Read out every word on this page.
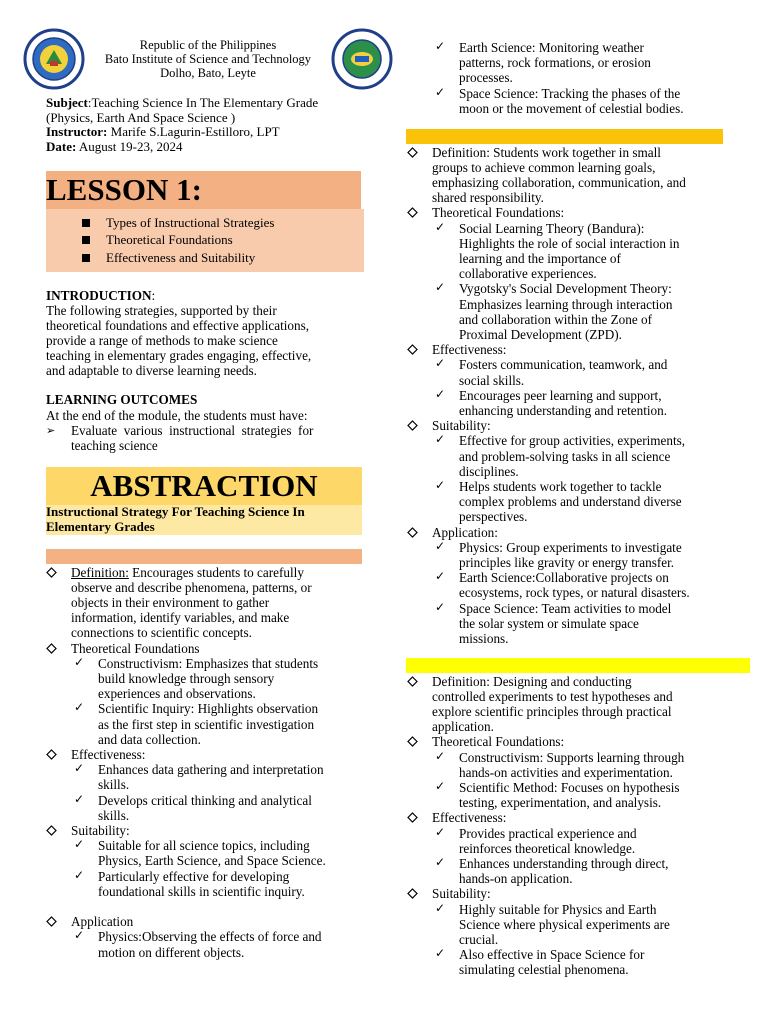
Republic of the Philippines
Bato Institute of Science and Technology
Dolho, Bato, Leyte
Subject:Teaching Science In The Elementary Grade
(Physics, Earth And Space Science )
Instructor: Marife S.Lagurin-Estilloro, LPT
Date: August 19-23, 2024
LESSON 1:
Types of Instructional Strategies
Theoretical Foundations
Effectiveness and Suitability
INTRODUCTION:
The following strategies, supported by their
theoretical foundations and effective applications,
provide a range of methods to make science
teaching in elementary grades engaging, effective,
and adaptable to diverse learning needs.
LEARNING OUTCOMES
At the end of the module, the students must have:
➢ Evaluate  various  instructional  strategies  for
teaching science
ABSTRACTION
Instructional Strategy For Teaching Science In
Elementary Grades
Definition: Encourages students to carefully
observe and describe phenomena, patterns, or
objects in their environment to gather
information, identify variables, and make
connections to scientific concepts.
Theoretical Foundations
✓ Constructivism: Emphasizes that students
build knowledge through sensory
experiences and observations.
✓ Scientific Inquiry: Highlights observation
as the first step in scientific investigation
and data collection.
Effectiveness:
✓ Enhances data gathering and interpretation
skills.
✓ Develops critical thinking and analytical
skills.
Suitability:
✓ Suitable for all science topics, including
Physics, Earth Science, and Space Science.
✓ Particularly effective for developing
foundational skills in scientific inquiry.
Application
✓ Physics:Observing the effects of force and
motion on different objects.
✓ Earth Science: Monitoring weather
patterns, rock formations, or erosion
processes.
✓ Space Science: Tracking the phases of the
moon or the movement of celestial bodies.
Definition: Students work together in small
groups to achieve common learning goals,
emphasizing collaboration, communication, and
shared responsibility.
Theoretical Foundations:
✓ Social Learning Theory (Bandura):
Highlights the role of social interaction in
learning and the importance of
collaborative experiences.
✓ Vygotsky's Social Development Theory:
Emphasizes learning through interaction
and collaboration within the Zone of
Proximal Development (ZPD).
Effectiveness:
✓ Fosters communication, teamwork, and
social skills.
✓ Encourages peer learning and support,
enhancing understanding and retention.
Suitability:
✓ Effective for group activities, experiments,
and problem-solving tasks in all science
disciplines.
✓ Helps students work together to tackle
complex problems and understand diverse
perspectives.
Application:
✓ Physics: Group experiments to investigate
principles like gravity or energy transfer.
✓ Earth Science:Collaborative projects on
ecosystems, rock types, or natural disasters.
✓ Space Science: Team activities to model
the solar system or simulate space
missions.
Definition: Designing and conducting
controlled experiments to test hypotheses and
explore scientific principles through practical
application.
Theoretical Foundations:
✓ Constructivism: Supports learning through
hands-on activities and experimentation.
✓ Scientific Method: Focuses on hypothesis
testing, experimentation, and analysis.
Effectiveness:
✓ Provides practical experience and
reinforces theoretical knowledge.
✓ Enhances understanding through direct,
hands-on application.
Suitability:
✓ Highly suitable for Physics and Earth
Science where physical experiments are
crucial.
✓ Also effective in Space Science for
simulating celestial phenomena.
